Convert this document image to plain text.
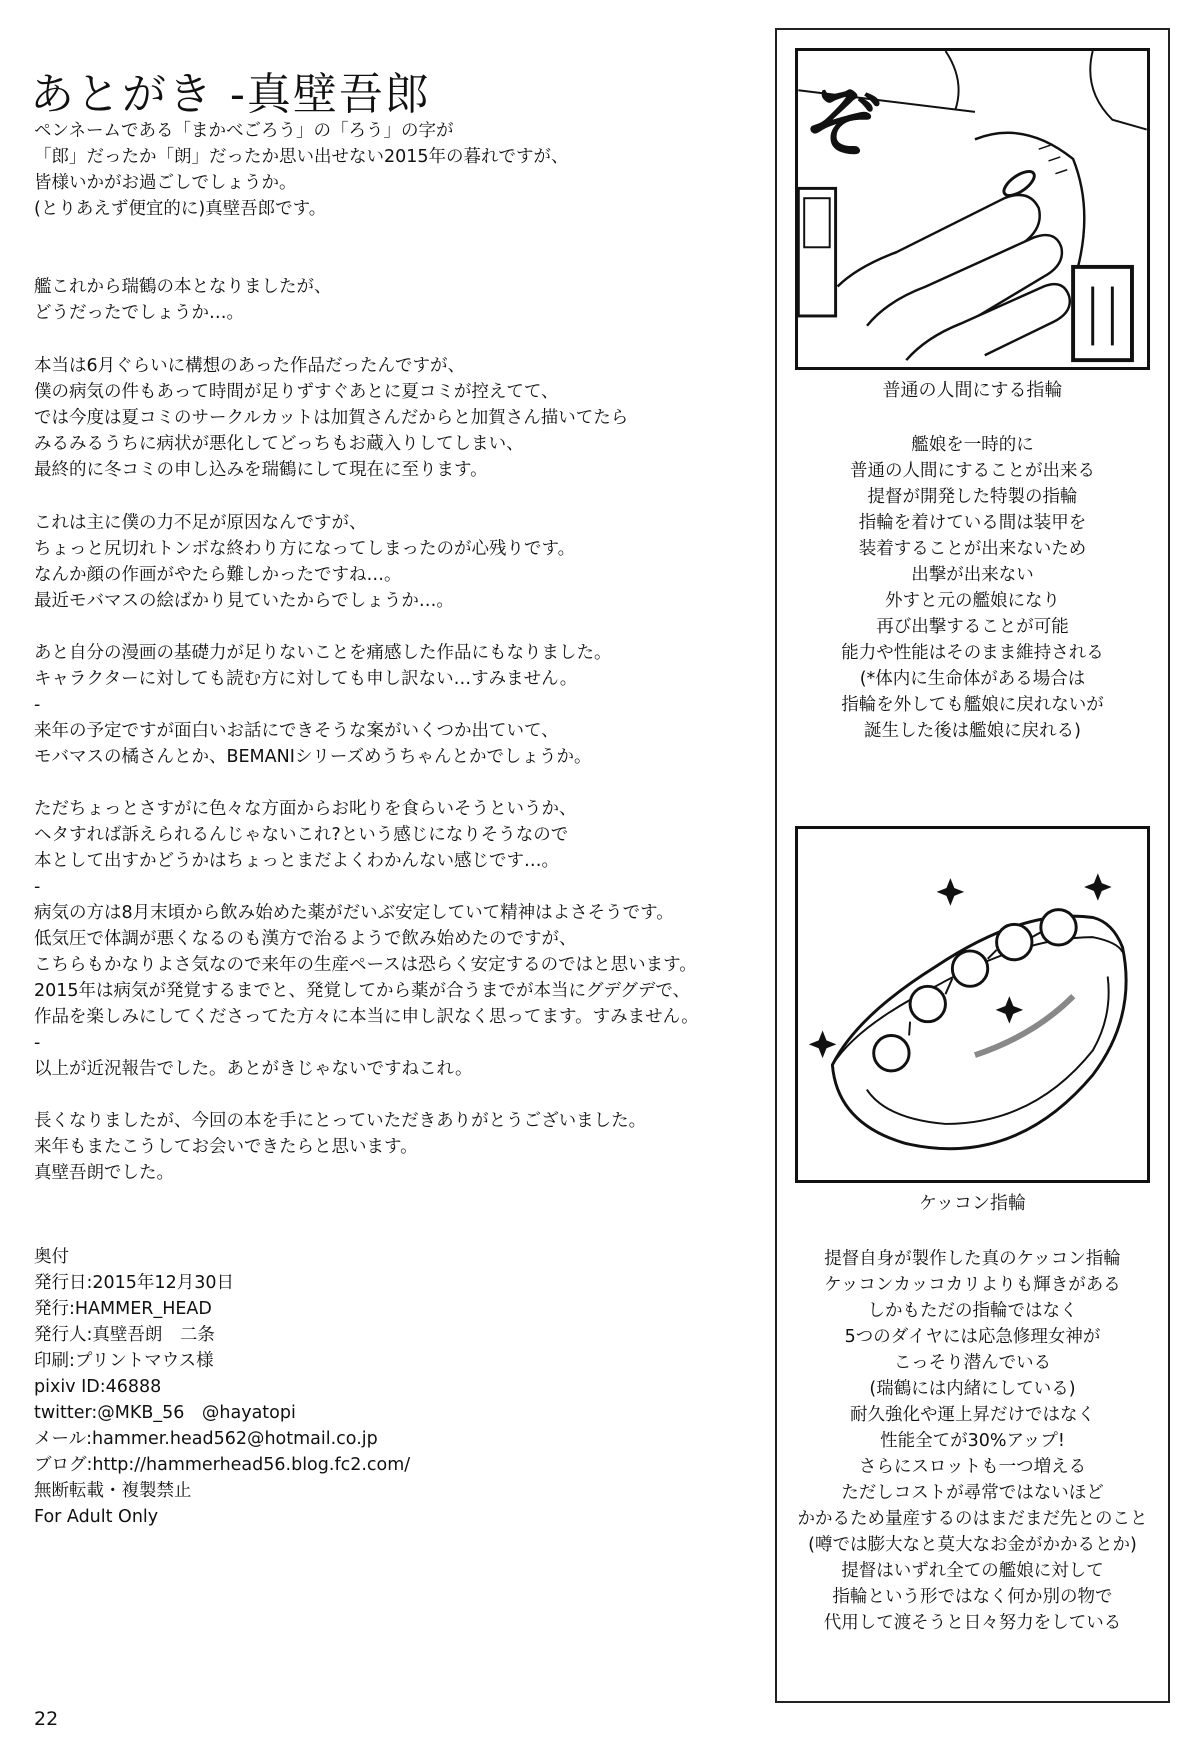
あとがき -真壁吾郎
ペンネームである「まかべごろう」の「ろう」の字が
「郎」だったか「朗」だったか思い出せない2015年の暮れですが、
皆様いかがお過ごしでしょうか。
(とりあえず便宜的に)真壁吾郎です。
艦これから瑞鶴の本となりましたが、
どうだったでしょうか…。
本当は6月ぐらいに構想のあった作品だったんですが、
僕の病気の件もあって時間が足りずすぐあとに夏コミが控えてて、
では今度は夏コミのサークルカットは加賀さんだからと加賀さん描いてたら
みるみるうちに病状が悪化してどっちもお蔵入りしてしまい、
最終的に冬コミの申し込みを瑞鶴にして現在に至ります。
これは主に僕の力不足が原因なんですが、
ちょっと尻切れトンボな終わり方になってしまったのが心残りです。
なんか顔の作画がやたら難しかったですね…。
最近モバマスの絵ばかり見ていたからでしょうか…。
あと自分の漫画の基礎力が足りないことを痛感した作品にもなりました。
キャラクターに対しても読む方に対しても申し訳ない…すみません。
-
来年の予定ですが面白いお話にできそうな案がいくつか出ていて、
モバマスの橘さんとか、BEMANIシリーズめうちゃんとかでしょうか。
ただちょっとさすがに色々な方面からお叱りを食らいそうというか、
ヘタすれば訴えられるんじゃないこれ?という感じになりそうなので
本として出すかどうかはちょっとまだよくわかんない感じです…。
-
病気の方は8月末頃から飲み始めた薬がだいぶ安定していて精神はよさそうです。
低気圧で体調が悪くなるのも漢方で治るようで飲み始めたのですが、
こちらもかなりよさ気なので来年の生産ペースは恐らく安定するのではと思います。
2015年は病気が発覚するまでと、発覚してから薬が合うまでが本当にグデグデで、
作品を楽しみにしてくださってた方々に本当に申し訳なく思ってます。すみません。
-
以上が近況報告でした。あとがきじゃないですねこれ。
長くなりましたが、今回の本を手にとっていただきありがとうございました。
来年もまたこうしてお会いできたらと思います。
真壁吾朗でした。
奥付
発行日:2015年12月30日
発行:HAMMER_HEAD
発行人:真壁吾朗　二条
印刷:プリントマウス様
pixiv ID:46888
twitter:@MKB_56　@hayatopi
メール:hammer.head562@hotmail.co.jp
ブログ:http://hammerhead56.blog.fc2.com/
無断転載・複製禁止
For Adult Only
22
ぞ
普通の人間にする指輪
艦娘を一時的に
普通の人間にすることが出来る
提督が開発した特製の指輪
指輪を着けている間は装甲を
装着することが出来ないため
出撃が出来ない
外すと元の艦娘になり
再び出撃することが可能
能力や性能はそのまま維持される
(*体内に生命体がある場合は
指輪を外しても艦娘に戻れないが
誕生した後は艦娘に戻れる)
ケッコン指輪
提督自身が製作した真のケッコン指輪
ケッコンカッコカリよりも輝きがある
しかもただの指輪ではなく
5つのダイヤには応急修理女神が
こっそり潜んでいる
(瑞鶴には内緒にしている)
耐久強化や運上昇だけではなく
性能全てが30%アップ!
さらにスロットも一つ増える
ただしコストが尋常ではないほど
かかるため量産するのはまだまだ先とのこと
(噂では膨大なと莫大なお金がかかるとか)
提督はいずれ全ての艦娘に対して
指輪という形ではなく何か別の物で
代用して渡そうと日々努力をしている
